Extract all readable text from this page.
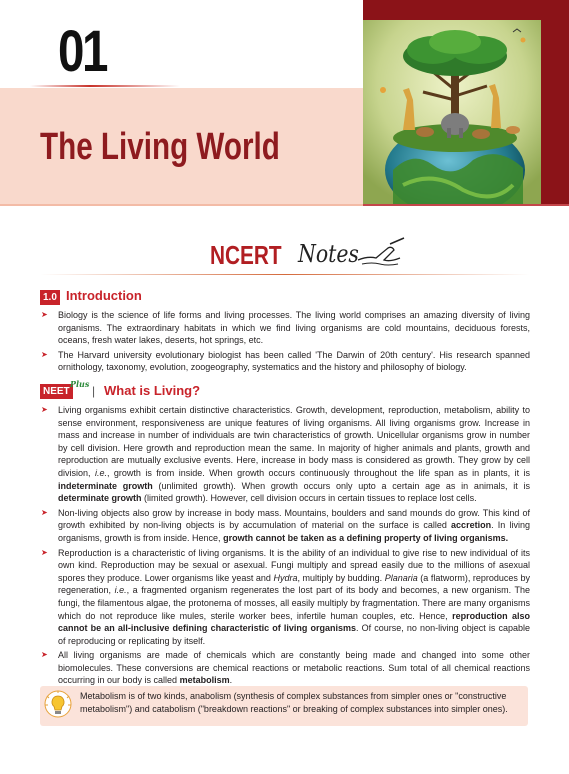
01
The Living World
NCERT Notes
1.0 Introduction
➤ Biology is the science of life forms and living processes. The living world comprises an amazing diversity of living organisms. The extraordinary habitats in which we find living organisms are cold mountains, deciduous forests, oceans, fresh water lakes, deserts, hot springs, etc.
➤ The Harvard university evolutionary biologist has been called 'The Darwin of 20th century'. His research spanned ornithology, taxonomy, evolution, zoogeography, systematics and the history and philosophy of biology.
NEET
Plus | What is Living?
➤ Living organisms exhibit certain distinctive characteristics. Growth, development, reproduction, metabolism, ability to sense environment, responsiveness are unique features of living organisms. All living organisms grow. Increase in mass and increase in number of individuals are twin characteristics of growth. Unicellular organisms grow in number by cell division. Here growth and reproduction mean the same. In majority of higher animals and plants, growth and reproduction are mutually exclusive events. Here, increase in body mass is considered as growth. They grow by cell division, i.e., growth is from inside. When growth occurs continuously throughout the life span as in plants, it is indeterminate growth (unlimited growth). When growth occurs only upto a certain age as in animals, it is determinate growth (limited growth). However, cell division occurs in certain tissues to replace lost cells.
➤ Non-living objects also grow by increase in body mass. Mountains, boulders and sand mounds do grow. This kind of growth exhibited by non-living objects is by accumulation of material on the surface is called accretion. In living organisms, growth is from inside. Hence, growth cannot be taken as a defining property of living organisms.
➤ Reproduction is a characteristic of living organisms. It is the ability of an individual to give rise to new individual of its own kind. Reproduction may be sexual or asexual. Fungi multiply and spread easily due to the millions of asexual spores they produce. Lower organisms like yeast and Hydra, multiply by budding. Planaria (a flatworm), reproduces by regeneration, i.e., a fragmented organism regenerates the lost part of its body and becomes, a new organism. The fungi, the filamentous algae, the protonema of mosses, all easily multiply by fragmentation. There are many organisms which do not reproduce like mules, sterile worker bees, infertile human couples, etc. Hence, reproduction also cannot be an all-inclusive defining characteristic of living organisms. Of course, no non-living object is capable of reproducing or replicating by itself.
➤ All living organisms are made of chemicals which are constantly being made and changed into some other biomolecules. These conversions are chemical reactions or metabolic reactions. Sum total of all chemical reactions occurring in our body is called metabolism.
Metabolism is of two kinds, anabolism (synthesis of complex substances from simpler ones or "constructive metabolism") and catabolism ("breakdown reactions" or breaking of complex substances into simpler ones).
